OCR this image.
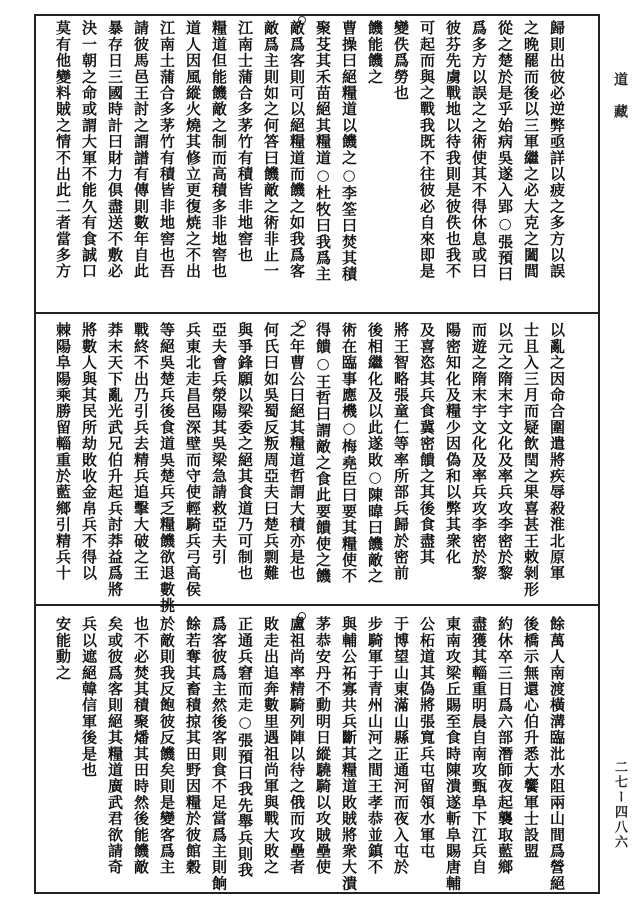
道　藏
二七ー四八六
歸則出彼必逆弊亟詳以疲之多方以誤
之晚罷而後以三軍繼之必大克之闔閭
從之楚於是乎始病吳遂入郢○張預曰
爲多方以誤之之術使其不得休息或曰
彼芬先虜戰地以待我則是彼佚也我不
可起而與之戰我既不往彼必自來即是
變佚爲勞也
饑能饑之
曹操曰絕糧道以饑之○李筌曰焚其積
聚芟其禾苗絕其糧道○杜牧曰我爲主
敵爲客則可以絕糧道而饑之如我爲客
敵爲主則如之何答曰饑敵之術非止一
江南士蒲合多茅竹有積皆非地窖也
糧道但能饑敵之制而高積多非地窖也
道人因風縱火燒其修立更復焼之不出
江南土蒲合多茅竹有積皆非地窖也吾
請彼馬邑王討之謂譜有傳則數年自此
暴存日三國時計曰財力俱盡送不敷必
決一朝之命或謂大軍不能久有食誠口
莫有他變料賊之情不出此二者當多方
以亂之因命合圍遣將疾辱殺淮北原軍
士且入三月而疑飲閏之果喜甚王敕剝形
以元之隋末宇文化及率兵攻李密於黎
而遊之隋末宇文化及率兵攻李密於黎
陽密知化及糧少因偽和以弊其衆化
及喜恣其兵食冀密饋之其後食盡其
將王智略張童仁等率所部兵歸於密前
後相繼化及以此遂敗○陳暐曰饑敵之
術在臨事應機○梅堯臣曰要其糧使不
得饋○王哲曰謂敵之食此要饋使之饑
之年曹公曰絕其糧道哲謂大積亦是也
何氏曰如吳蜀反叛周亞夫曰楚兵剽難
與爭鋒願以梁委之絕其食道乃可制也
亞夫會兵滎陽其吳梁急請救亞夫引
兵東北走昌邑深壁而守使輕騎兵弓高侯
等絕吳楚兵後食道吳楚兵乏糧饑欲退數挑
戰終不出乃引兵去精兵追擊大破之王
莽末天下亂光武兄伯升起兵討莽益爲將
將數人與其民所劫敗收金帛兵不得以
棘陽阜陽乘勝留輜重於藍鄉引精兵十
餘萬人南渡橫溝臨沘水阻兩山間爲營絕
後橋示無還心伯升悉大饗軍士設盟
約休卒三日爲六部潛師夜起襲取藍鄉
盡獲其輜重明晨自南攻甄阜下江兵自
東南攻梁丘賜至食時陳潰遂斬阜賜唐輔
公柘道其偽將張寬兵屯留領水軍屯
于博望山東滿山縣正通河而夜入屯於
步騎軍于青州山河之間王孝恭並鎮不
與輔公祏寡共兵斷其糧道敗賊將衆大潰
茅恭安丹不動明日縱驍騎以攻賊壘使
盧祖尚率精騎列陣以待之俄而攻壘者
敗走出追奔數里遇祖尚軍與戰大敗之
正通兵窘而走○張預曰我先舉兵則我
爲客彼爲主然後客則食不足當爲主則餉
餘若奪其畜積掠其田野因糧於彼館穀
於敵則我反飽彼反饑矣則是變客爲主
也不必焚其積聚燔其田時然後能饑敵
矣或彼爲客則絕其糧道廣武君欲請奇
兵以遮絕韓信軍後是也
安能動之
